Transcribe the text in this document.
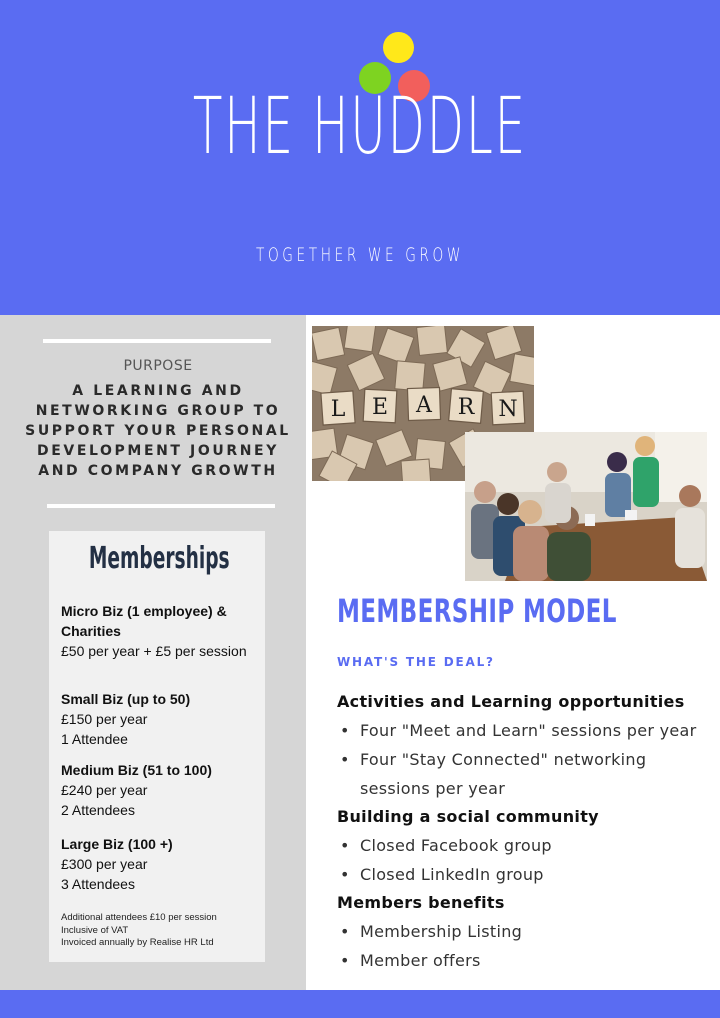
THE HUDDLE
TOGETHER WE GROW
PURPOSE
A LEARNING AND NETWORKING GROUP TO SUPPORT YOUR PERSONAL DEVELOPMENT JOURNEY AND COMPANY GROWTH
Memberships
Micro Biz (1 employee) & Charities
£50 per year + £5 per session
Small Biz (up to 50)
£150 per year
1 Attendee
Medium Biz (51 to 100)
£240 per year
2 Attendees
Large Biz (100 +)
£300 per year
3 Attendees
Additional attendees £10 per session
Inclusive of VAT
Invoiced annually by Realise HR Ltd
L E A R N
MEMBERSHIP MODEL
WHAT'S THE DEAL?
Activities and Learning opportunities
• Four "Meet and Learn" sessions per year
• Four "Stay Connected" networking sessions per year
Building a social community
• Closed Facebook group
• Closed LinkedIn group
Members benefits
• Membership Listing
• Member offers
